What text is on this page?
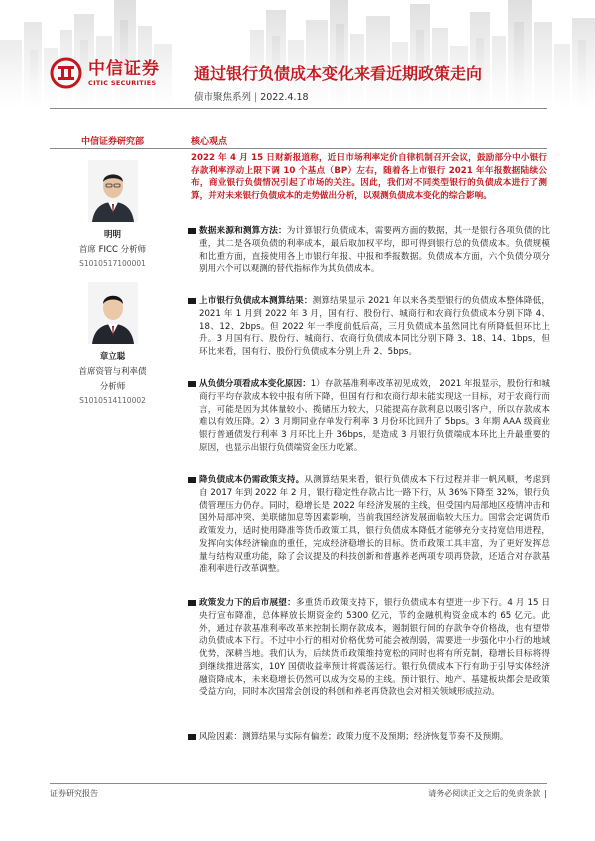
中信证券
CITIC SECURITIES 通过银行负债成本变化来看近期政策走向
债市聚焦系列 | 2022.4.18
中信证券研究部
明明
首席 FICC 分析师
S1010517100001
章立聪
首席资管与利率债
分析师
S1010514110002
核心观点
2022 年 4 月 15 日财新报道称，近日市场利率定价自律机制召开会议，鼓励部分中小银行存款利率浮动上限下调 10 个基点（BP）左右，随着各上市银行 2021 年年报数据陆续公布，商业银行负债情况引起了市场的关注。因此，我们对不同类型银行的负债成本进行了测算，并对未来银行负债成本的走势做出分析，以观测负债成本变化的综合影响。
数据来源和测算方法：为计算银行负债成本，需要两方面的数据，其一是银行各项负债的比重，其二是各项负债的利率成本，最后取加权平均，即可得到银行总的负债成本。负债规模和比重方面，直接使用各上市银行年报、中报和季报数据。负债成本方面，六个负债分项分别用六个可以观测的替代指标作为其负债成本。
上市银行负债成本测算结果：测算结果显示 2021 年以来各类型银行的负债成本整体降低，2021 年 1 月到 2022 年 3 月，国有行、股份行、城商行和农商行负债成本分别下降 4、18、12、2bps。但 2022 年一季度前低后高，三月负债成本虽然同比有所降低但环比上升。3 月国有行、股份行、城商行、农商行负债成本同比分别下降 3、18、14、1bps，但环比来看，国有行、股份行负债成本分别上升 2、5bps。
从负债分项看成本变化原因：1）存款基准利率改革初见成效， 2021 年报显示，股份行和城商行平均存款成本较中报有所下降，但国有行和农商行却未能实现这一目标，对于农商行而言，可能是因为其体量较小、揽储压力较大，只能提高存款利息以吸引客户，所以存款成本难以有效压降。2）3 月期同业存单发行利率 3 月份环比回升了 5bps。3 年期 AAA 级商业银行普通债发行利率 3 月环比上升 36bps，是造成 3 月银行负债端成本环比上升最重要的原因，也显示出银行负债端资金压力吃紧。
降负债成本仍需政策支持。从测算结果来看，银行负债成本下行过程并非一帆风顺，考虑到自 2017 年到 2022 年 2 月，银行稳定性存款占比一路下行，从 36%下降至 32%，银行负债管理压力仍存。同时，稳增长是 2022 年经济发展的主线，但受国内局部地区疫情冲击和国外局部冲突、美联储加息等因素影响，当前我国经济发展面临较大压力。国常会定调货币政策发力，适时使用降准等货币政策工具，银行负债成本降低才能够充分支持宽信用进程，发挥向实体经济输血的重任，完成经济稳增长的目标。货币政策工具丰富，为了更好发挥总量与结构双重功能，除了会议提及的科技创新和普惠养老两项专项再贷款，还适合对存款基准利率进行改革调整。
政策发力下的后市展望：多重货币政策支持下，银行负债成本有望进一步下行。4 月 15 日央行宣布降准，总体释放长期资金约 5300 亿元，节约金融机构资金成本约 65 亿元。此外，通过存款基准利率改革来控制长期存款成本，遏制银行间的存款争夺价格战，也有望带动负债成本下行。不过中小行的相对价格优势可能会被削弱，需要进一步强化中小行的地域优势，深耕当地。我们认为，后续货币政策维持宽松的同时也将有所克制，稳增长目标将得到继续推进落实，10Y 国债收益率预计将震荡运行。银行负债成本下行有助于引导实体经济融资降成本，未来稳增长仍然可以成为交易的主线。预计银行、地产、基建板块都会是政策受益方向，同时本次国常会创设的科创和养老再贷款也会对相关领域形成拉动。
风险因素：测算结果与实际有偏差；政策力度不及预期；经济恢复节奏不及预期。
证券研究报告	请务必阅读正文之后的免责条款 |
